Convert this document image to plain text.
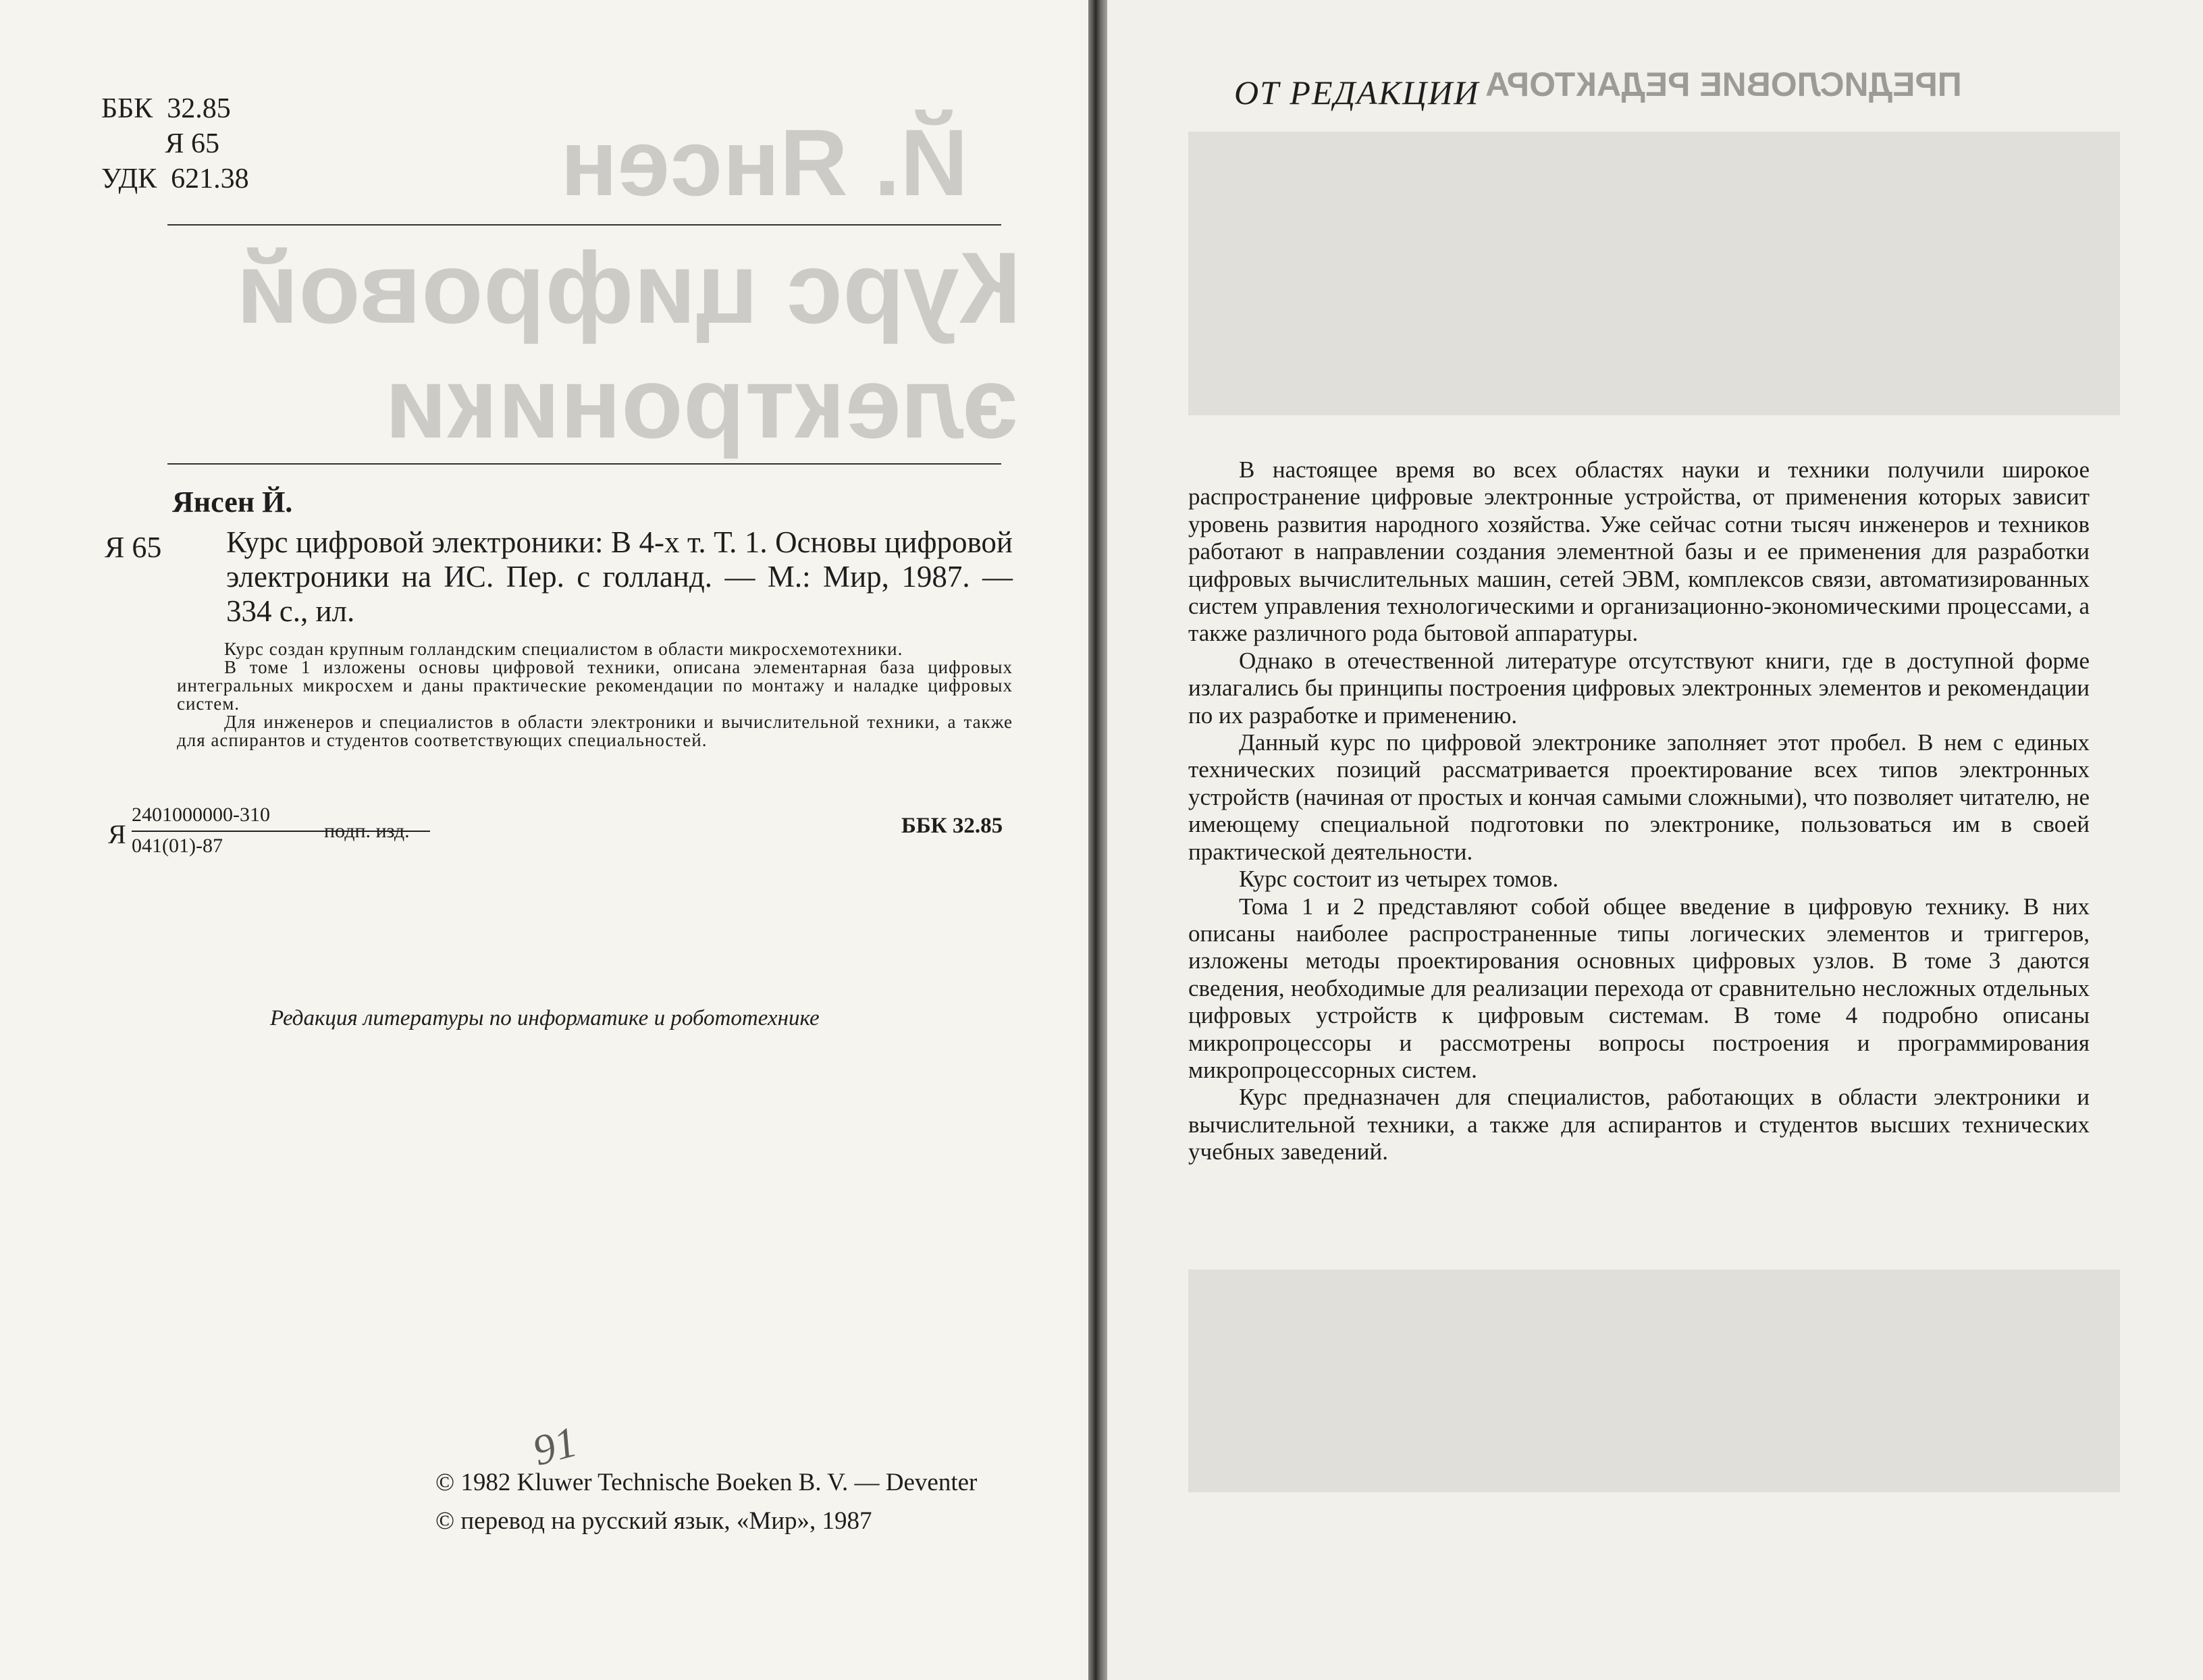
Й. Янсен
Курс цифровой
электроники
ББК  32.85
Я 65
УДК  621.38
Янсен Й.
Я 65 Курс цифровой электроники: В 4-х т. Т. 1. Основы цифровой электроники на ИС. Пер. с голланд. — М.: Мир, 1987. — 334 с., ил.

Курс создан крупным голландским специалистом в области микросхемотехники.

В томе 1 изложены основы цифровой техники, описана элементарная база цифровых интегральных микросхем и даны практические рекомендации по монтажу и наладке цифровых систем.

Для инженеров и специалистов в области электроники и вычислительной техники, а также для аспирантов и студентов соответствующих специальностей.

Я
2401000000-310
041(01)-87
подп. изд.	ББК 32.85
Редакция литературы по информатике и робототехнике
91
© 1982 Kluwer Technische Boeken B. V. — Deventer
© перевод на русский язык, «Мир», 1987
ПРЕДИСЛОВИЕ РЕДАКТОРА
ОТ РЕДАКЦИИ

В настоящее время во всех областях науки и техники получили широкое распространение цифровые электронные устройства, от применения которых зависит уровень развития народного хозяйства. Уже сейчас сотни тысяч инженеров и техников работают в направлении создания элементной базы и ее применения для разработки цифровых вычислительных машин, сетей ЭВМ, комплексов связи, автоматизированных систем управления технологическими и организационно-экономическими процессами, а также различного рода бытовой аппаратуры.

Однако в отечественной литературе отсутствуют книги, где в доступной форме излагались бы принципы построения цифровых электронных элементов и рекомендации по их разработке и применению.

Данный курс по цифровой электронике заполняет этот пробел. В нем с единых технических позиций рассматривается проектирование всех типов электронных устройств (начиная от простых и кончая самыми сложными), что позволяет читателю, не имеющему специальной подготовки по электронике, пользоваться им в своей практической деятельности.

Курс состоит из четырех томов.

Тома 1 и 2 представляют собой общее введение в цифровую технику. В них описаны наиболее распространенные типы логических элементов и триггеров, изложены методы проектирования основных цифровых узлов. В томе 3 даются сведения, необходимые для реализации перехода от сравнительно несложных отдельных цифровых устройств к цифровым системам. В томе 4 подробно описаны микропроцессоры и рассмотрены вопросы построения и программирования микропроцессорных систем.

Курс предназначен для специалистов, работающих в области электроники и вычислительной техники, а также для аспирантов и студентов высших технических учебных заведений.
